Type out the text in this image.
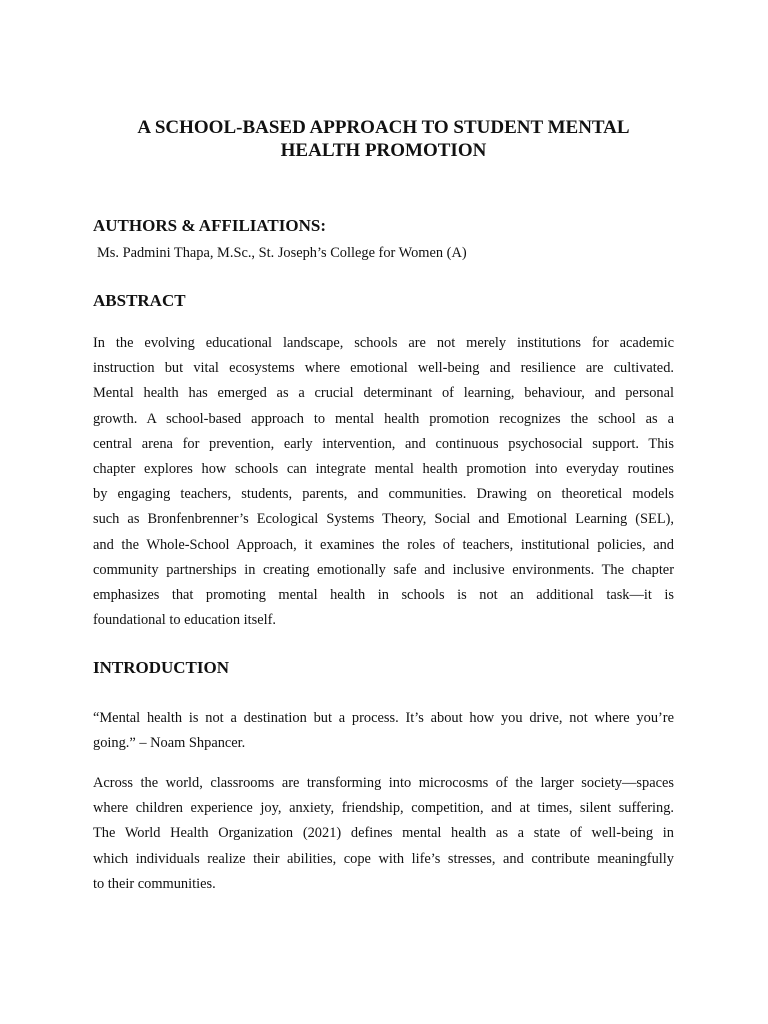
A SCHOOL-BASED APPROACH TO STUDENT MENTAL
HEALTH PROMOTION
AUTHORS & AFFILIATIONS:

Ms. Padmini Thapa, M.Sc., St. Joseph’s College for Women (A)

ABSTRACT

In the evolving educational landscape, schools are not merely institutions for academic
instruction but vital ecosystems where emotional well-being and resilience are cultivated.
Mental health has emerged as a crucial determinant of learning, behaviour, and personal
growth. A school-based approach to mental health promotion recognizes the school as a
central arena for prevention, early intervention, and continuous psychosocial support. This
chapter explores how schools can integrate mental health promotion into everyday routines
by engaging teachers, students, parents, and communities. Drawing on theoretical models
such as Bronfenbrenner’s Ecological Systems Theory, Social and Emotional Learning (SEL),
and the Whole-School Approach, it examines the roles of teachers, institutional policies, and
community partnerships in creating emotionally safe and inclusive environments. The chapter
emphasizes that promoting mental health in schools is not an additional task—it is
foundational to education itself.

INTRODUCTION

“Mental health is not a destination but a process. It’s about how you drive, not where you’re
going.” – Noam Shpancer.

Across the world, classrooms are transforming into microcosms of the larger society—spaces
where children experience joy, anxiety, friendship, competition, and at times, silent suffering.
The World Health Organization (2021) defines mental health as a state of well-being in
which individuals realize their abilities, cope with life’s stresses, and contribute meaningfully
to their communities.
